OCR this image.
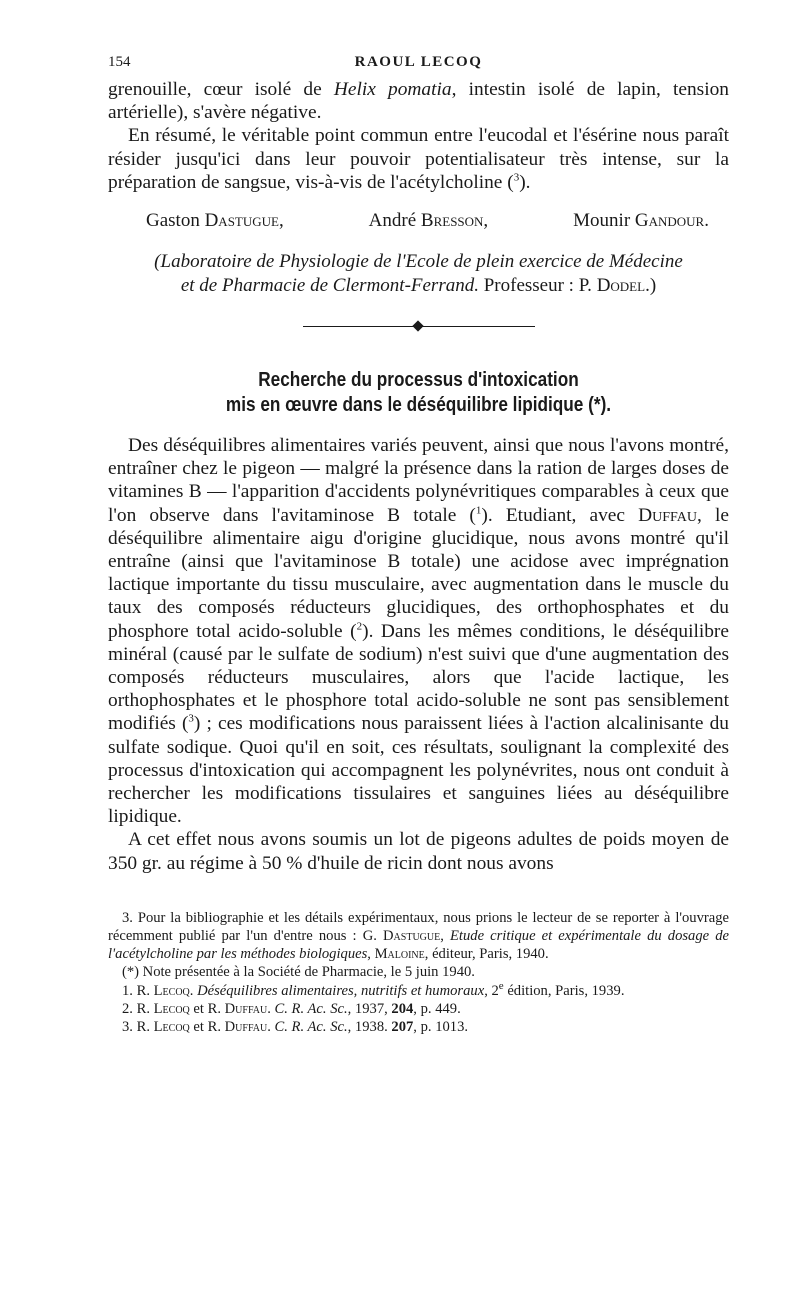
154	RAOUL LECOQ

grenouille, cœur isolé de Helix pomatia, intestin isolé de lapin, tension artérielle), s'avère négative.

En résumé, le véritable point commun entre l'eucodal et l'ésérine nous paraît résider jusqu'ici dans leur pouvoir potentialisateur très intense, sur la préparation de sangsue, vis-à-vis de l'acétylcholine ($^3$).

Gaston Dastugue,	André Bresson,	Mounir Gandour.
(Laboratoire de Physiologie de l'Ecole de plein exercice de Médecine
et de Pharmacie de Clermont-Ferrand. Professeur : P. Dodel.)
Recherche du processus d'intoxication
mis en œuvre dans le déséquilibre lipidique (*).

Des déséquilibres alimentaires variés peuvent, ainsi que nous l'avons montré, entraîner chez le pigeon — malgré la présence dans la ration de larges doses de vitamines B — l'apparition d'accidents polynévritiques comparables à ceux que l'on observe dans l'avitaminose B totale ($^1$). Etudiant, avec Duffau, le déséquilibre alimentaire aigu d'origine glucidique, nous avons montré qu'il entraîne (ainsi que l'avitaminose B totale) une acidose avec imprégnation lactique importante du tissu musculaire, avec augmentation dans le muscle du taux des composés réducteurs glucidiques, des orthophosphates et du phosphore total acido-soluble ($^2$). Dans les mêmes conditions, le déséquilibre minéral (causé par le sulfate de sodium) n'est suivi que d'une augmentation des composés réducteurs musculaires, alors que l'acide lactique, les orthophosphates et le phosphore total acido-soluble ne sont pas sensiblement modifiés ($^3$) ; ces modifications nous paraissent liées à l'action alcalinisante du sulfate sodique. Quoi qu'il en soit, ces résultats, soulignant la complexité des processus d'intoxication qui accompagnent les polynévrites, nous ont conduit à rechercher les modifications tissulaires et sanguines liées au déséquilibre lipidique.

A cet effet nous avons soumis un lot de pigeons adultes de poids moyen de 350 gr. au régime à 50 % d'huile de ricin dont nous avons

3. Pour la bibliographie et les détails expérimentaux, nous prions le lecteur de se reporter à l'ouvrage récemment publié par l'un d'entre nous : G. Dastugue, Etude critique et expérimentale du dosage de l'acétylcholine par les méthodes biologiques, Maloine, éditeur, Paris, 1940.

(*) Note présentée à la Société de Pharmacie, le 5 juin 1940.

1. R. Lecoq. Déséquilibres alimentaires, nutritifs et humoraux, 2e édition, Paris, 1939.

2. R. Lecoq et R. Duffau. C. R. Ac. Sc., 1937, 204, p. 449.

3. R. Lecoq et R. Duffau. C. R. Ac. Sc., 1938. 207, p. 1013.
